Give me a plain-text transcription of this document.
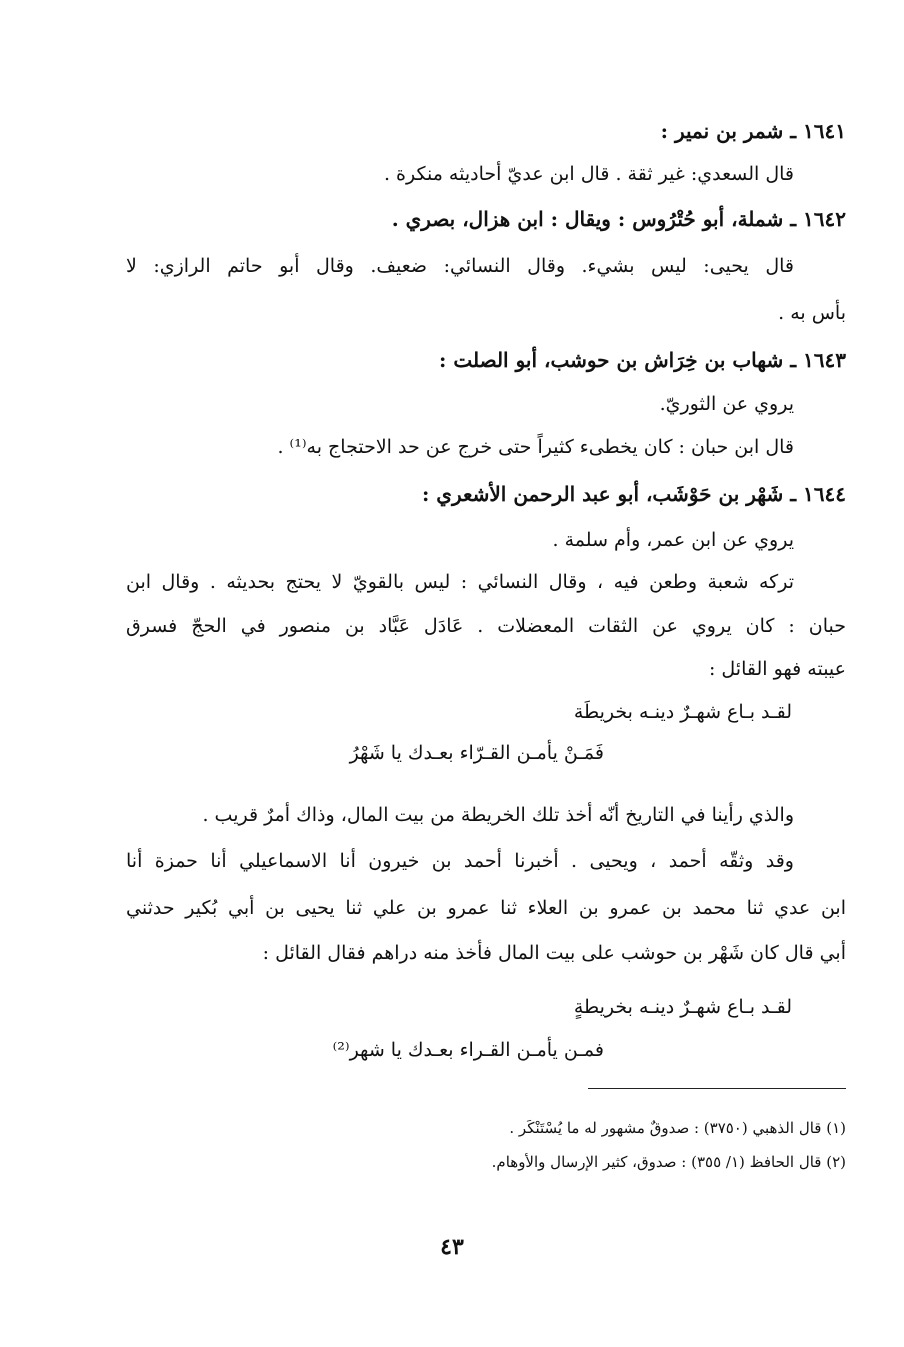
١٦٤١ ـ شمر بن نمير :
قال السعدي: غير ثقة . قال ابن عديّ أحاديثه منكرة .
١٦٤٢ ـ شملة، أبو حُتْرُوس : ويقال : ابن هزال، بصري .
قال يحيى: ليس بشيء. وقال النسائي: ضعيف. وقال أبو حاتم الرازي: لا
بأس به .
١٦٤٣ ـ شهاب بن خِرَاش بن حوشب، أبو الصلت :
يروي عن الثوريّ.
قال ابن حبان : كان يخطىء كثيراً حتى خرج عن حد الاحتجاج به⁽¹⁾ .
١٦٤٤ ـ شَهْر بن حَوْشَب، أبو عبد الرحمن الأشعري :
يروي عن ابن عمر، وأم سلمة .
تركه شعبة وطعن فيه ، وقال النسائي : ليس بالقويّ لا يحتج بحديثه . وقال ابن
حبان : كان يروي عن الثقات المعضلات . عَادَل عَبَّاد بن منصور في الحجّ فسرق
عيبته فهو القائل :
لقـد بـاع شهـرٌ دينـه بخريطَة
فَمَـنْ يأمـن القـرّاء بعـدك يا شَهْرُ
والذي رأينا في التاريخ أنّه أخذ تلك الخريطة من بيت المال، وذاك أمرٌ قريب .
وقد وثقّه أحمد ، ويحيى . أخبرنا أحمد بن خيرون أنا الاسماعيلي أنا حمزة أنا
ابن عدي ثنا محمد بن عمرو بن العلاء ثنا عمرو بن علي ثنا يحيى بن أبي بُكير حدثني
أبي قال كان شَهْر بن حوشب على بيت المال فأخذ منه دراهم فقال القائل :
لقـد بـاع شهـرٌ دينـه بخريطةٍ
فمـن يأمـن القـراء بعـدك يا شهر⁽²⁾
(١) قال الذهبي (٣٧٥٠) : صدوقٌ مشهور له ما يُسْتَنْكَر .
(٢) قال الحافظ (١/ ٣٥٥) : صدوق، كثير الإرسال والأوهام.
٤٣
